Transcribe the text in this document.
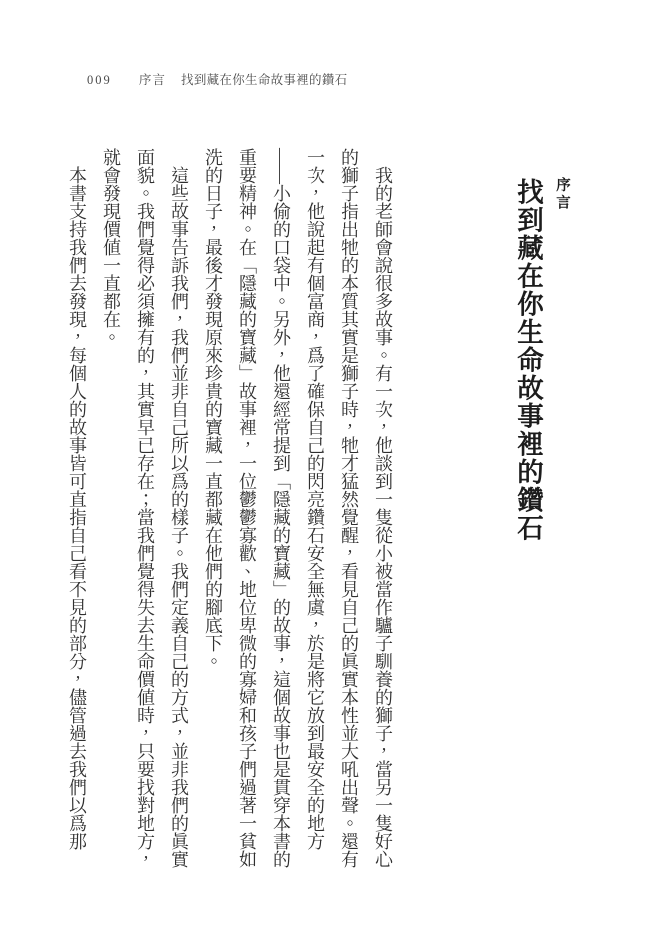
009 序言 找到藏在你生命故事裡的鑽石
序言
找到藏在你生命故事裡的鑽石

我的老師會說很多故事。有一次，他談到一隻從小被當作驢子馴養的獅子，當另一隻好心的獅子指出牠的本質其實是獅子時，牠才猛然覺醒，看見自己的眞實本性並大吼出聲。還有一次，他說起有個富商，爲了確保自己的閃亮鑽石安全無虞，於是將它放到最安全的地方——小偷的口袋中。另外，他還經常提到「隱藏的寶藏」的故事，這個故事也是貫穿本書的重要精神。在「隱藏的寶藏」故事裡，一位鬱鬱寡歡、地位卑微的寡婦和孩子們過著一貧如洗的日子，最後才發現原來珍貴的寶藏一直都藏在他們的腳底下。

這些故事告訴我們，我們並非自己所以爲的樣子。我們定義自己的方式，並非我們的眞實面貌。我們覺得必須擁有的，其實早已存在；當我們覺得失去生命價値時，只要找對地方，就會發現價値一直都在。

本書支持我們去發現，每個人的故事皆可直指自己看不見的部分，儘管過去我們以爲那
